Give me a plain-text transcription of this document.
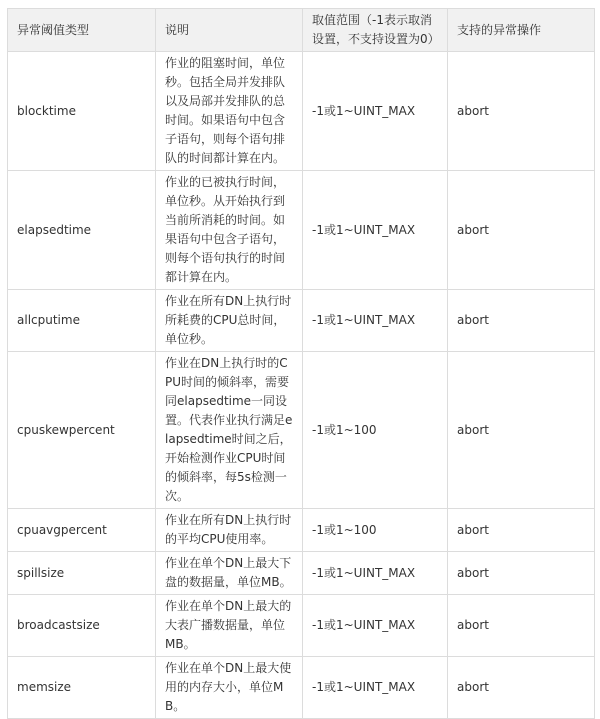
异常阈值类型	说明	取值范围（-1表示取消设置，不支持设置为0）	支持的异常操作
blocktime	作业的阻塞时间，单位秒。包括全局并发排队以及局部并发排队的总时间。如果语句中包含子语句，则每个语句排队的时间都计算在内。	-1或1~UINT_MAX	abort
elapsedtime	作业的已被执行时间，单位秒。从开始执行到当前所消耗的时间。如果语句中包含子语句，则每个语句执行的时间都计算在内。	-1或1~UINT_MAX	abort
allcputime	作业在所有DN上执行时所耗费的CPU总时间，单位秒。	-1或1~UINT_MAX	abort
cpuskewpercent	作业在DN上执行时的CPU时间的倾斜率，需要同elapsedtime一同设置。代表作业执行满足elapsedtime时间之后，开始检测作业CPU时间的倾斜率，每5s检测一次。	-1或1~100	abort
cpuavgpercent	作业在所有DN上执行时的平均CPU使用率。	-1或1~100	abort
spillsize	作业在单个DN上最大下盘的数据量，单位MB。	-1或1~UINT_MAX	abort
broadcastsize	作业在单个DN上最大的大表广播数据量，单位MB。	-1或1~UINT_MAX	abort
memsize	作业在单个DN上最大使用的内存大小，单位MB。	-1或1~UINT_MAX	abort
